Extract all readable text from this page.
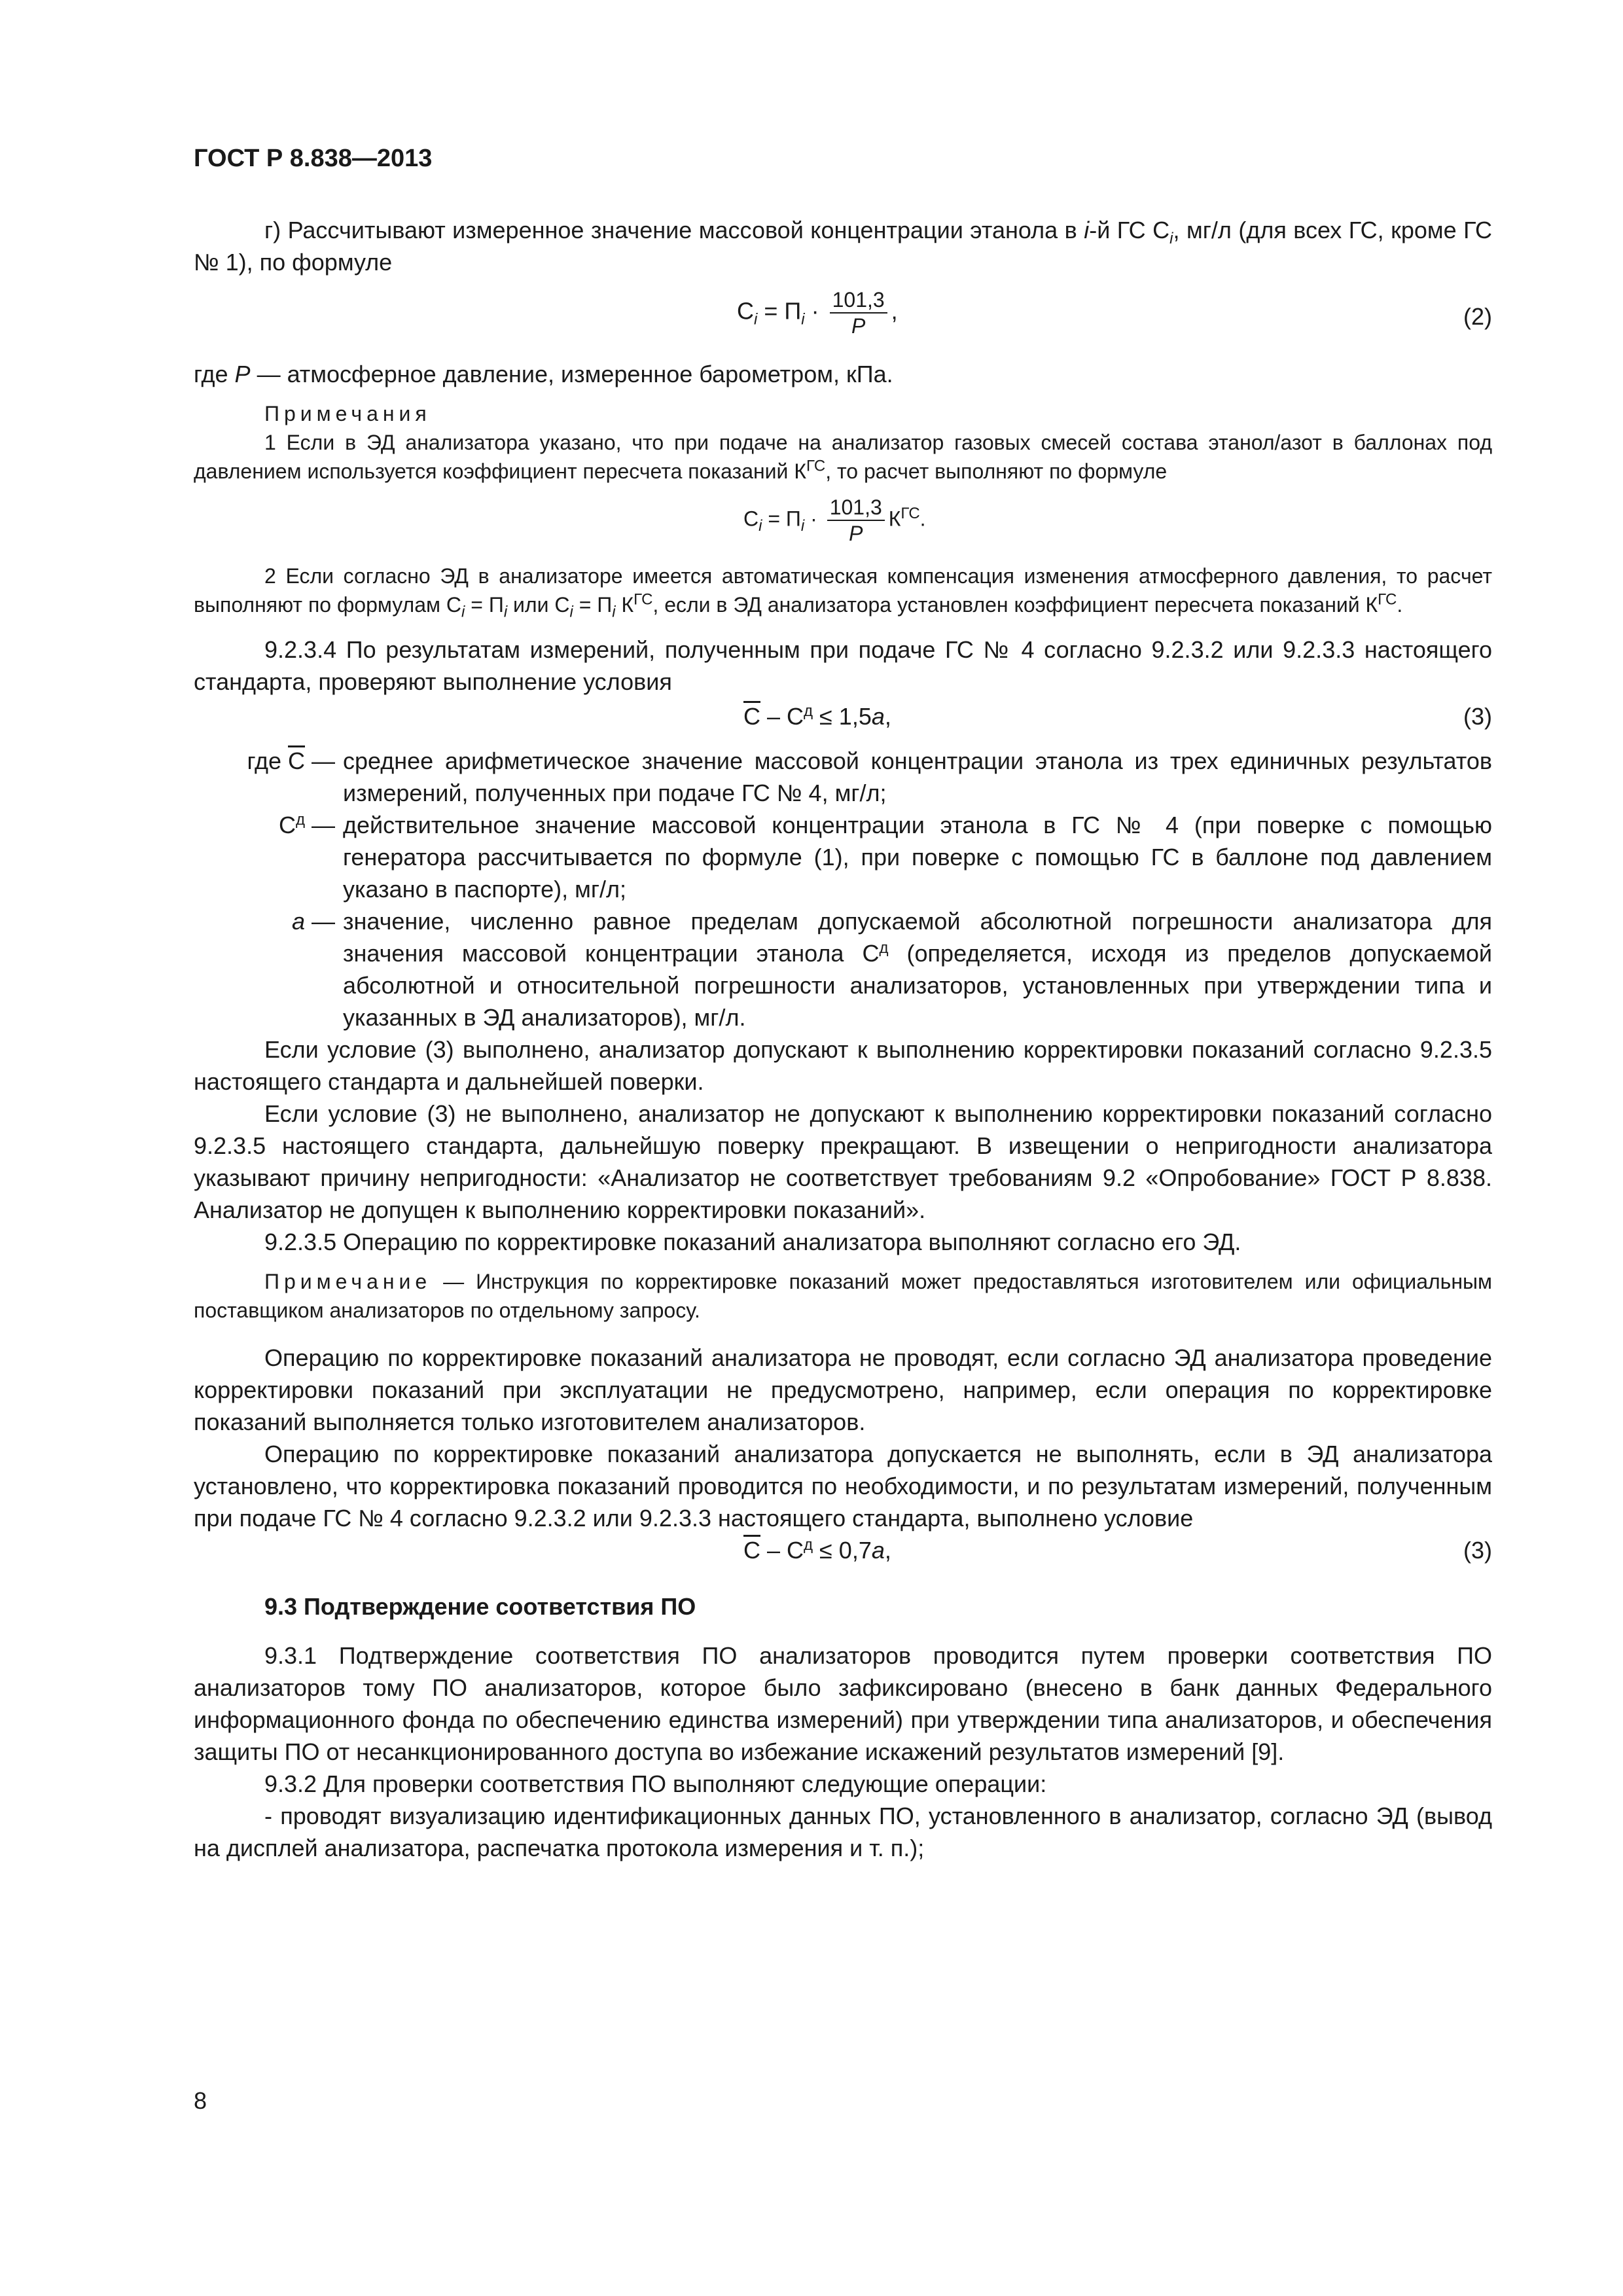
ГОСТ Р 8.838—2013

г) Рассчитывают измеренное значение массовой концентрации этанола в i-й ГС $С_i$, мг/л (для всех ГС, кроме ГС № 1), по формуле

$С_i = П_i \cdot \frac{101,3}{P}$ ,	(2)

где P — атмосферное давление, измеренное барометром, кПа.

Примечания

1 Если в ЭД анализатора указано, что при подаче на анализатор газовых смесей состава этанол/азот в баллонах под давлением используется коэффициент пересчета показаний $К^{ГС}$, то расчет выполняют по формуле

$С_i = П_i \cdot \frac{101,3}{P} К^{ГС}$.

2 Если согласно ЭД в анализаторе имеется автоматическая компенсация изменения атмосферного давления, то расчет выполняют по формулам $С_i = П_i$ или $С_i = П_i$ $К^{ГС}$, если в ЭД анализатора установлен коэффициент пересчета показаний $К^{ГС}$.

9.2.3.4 По результатам измерений, полученным при подаче ГС № 4 согласно 9.2.3.2 или 9.2.3.3 настоящего стандарта, проверяют выполнение условия

$С - С^д \le 1,5a$,	(3)
где С — среднее арифметическое значение массовой концентрации этанола из трех единичных результатов измерений, полученных при подаче ГС № 4, мг/л;
$С^д$ — действительное значение массовой концентрации этанола в ГС № 4 (при поверке с помощью генератора рассчитывается по формуле (1), при поверке с помощью ГС в баллоне под давлением указано в паспорте), мг/л;
a — значение, численно равное пределам допускаемой абсолютной погрешности анализатора для значения массовой концентрации этанола $С^д$ (определяется, исходя из пределов допускаемой абсолютной и относительной погрешности анализаторов, установленных при утверждении типа и указанных в ЭД анализаторов), мг/л.

Если условие (3) выполнено, анализатор допускают к выполнению корректировки показаний согласно 9.2.3.5 настоящего стандарта и дальнейшей поверки.

Если условие (3) не выполнено, анализатор не допускают к выполнению корректировки показаний согласно 9.2.3.5 настоящего стандарта, дальнейшую поверку прекращают. В извещении о непригодности анализатора указывают причину непригодности: «Анализатор не соответствует требованиям 9.2 «Опробование» ГОСТ Р 8.838. Анализатор не допущен к выполнению корректировки показаний».

9.2.3.5 Операцию по корректировке показаний анализатора выполняют согласно его ЭД.

Примечание — Инструкция по корректировке показаний может предоставляться изготовителем или официальным поставщиком анализаторов по отдельному запросу.

Операцию по корректировке показаний анализатора не проводят, если согласно ЭД анализатора проведение корректировки показаний при эксплуатации не предусмотрено, например, если операция по корректировке показаний выполняется только изготовителем анализаторов.

Операцию по корректировке показаний анализатора допускается не выполнять, если в ЭД анализатора установлено, что корректировка показаний проводится по необходимости, и по результатам измерений, полученным при подаче ГС № 4 согласно 9.2.3.2 или 9.2.3.3 настоящего стандарта, выполнено условие

$С - С^д \le 0,7a$,	(3)

9.3 Подтверждение соответствия ПО

9.3.1 Подтверждение соответствия ПО анализаторов проводится путем проверки соответствия ПО анализаторов тому ПО анализаторов, которое было зафиксировано (внесено в банк данных Федерального информационного фонда по обеспечению единства измерений) при утверждении типа анализаторов, и обеспечения защиты ПО от несанкционированного доступа во избежание искажений результатов измерений [9].

9.3.2 Для проверки соответствия ПО выполняют следующие операции:

- проводят визуализацию идентификационных данных ПО, установленного в анализатор, согласно ЭД (вывод на дисплей анализатора, распечатка протокола измерения и т. п.);

8
